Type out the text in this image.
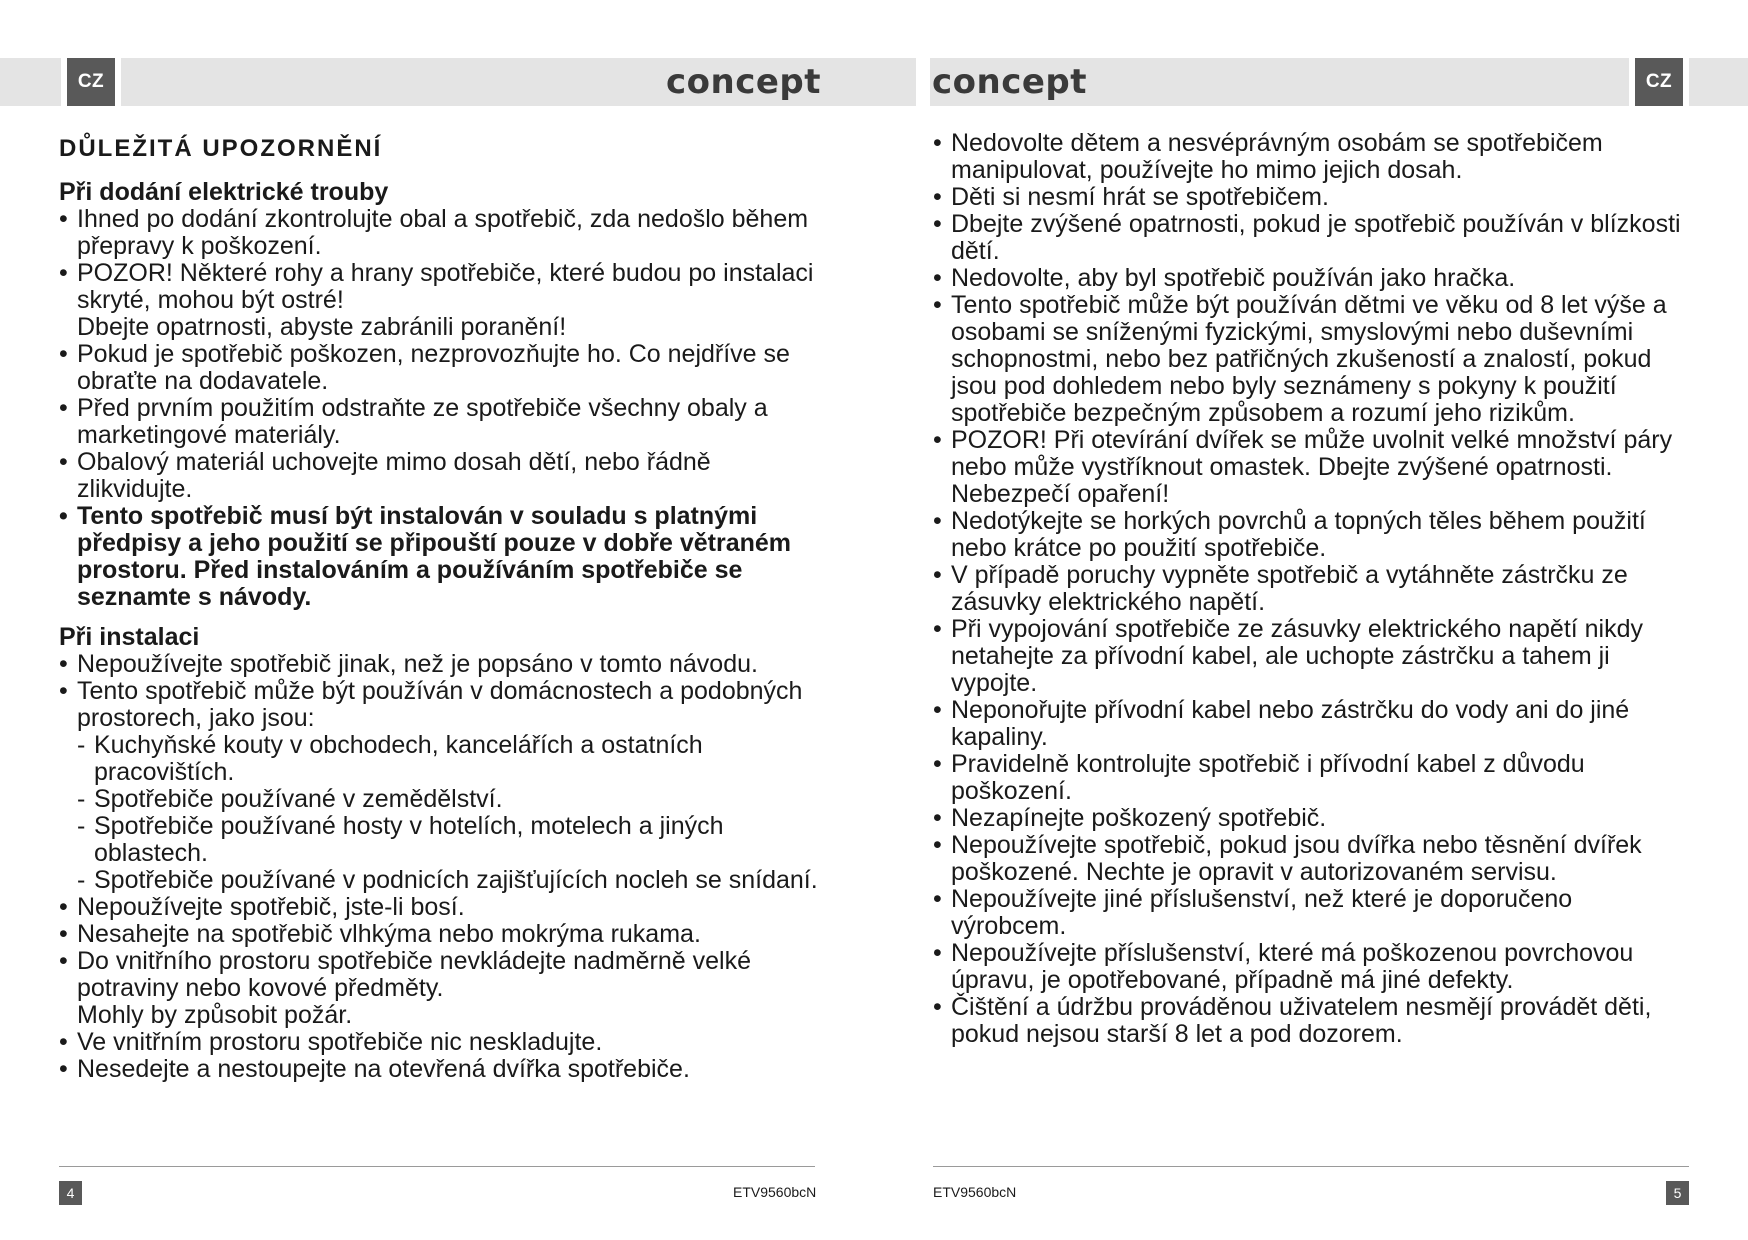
CZ	CZ
concept	concept
DŮLEŽITÁ UPOZORNĚNÍ
Při dodání elektrické trouby
• Ihned po dodání zkontrolujte obal a spotřebič, zda nedošlo během přepravy k poškození.
• POZOR! Některé rohy a hrany spotřebiče, které budou po instalaci skryté, mohou být ostré!
Dbejte opatrnosti, abyste zabránili poranění!
• Pokud je spotřebič poškozen, nezprovozňujte ho. Co nejdříve se obraťte na dodavatele.
• Před prvním použitím odstraňte ze spotřebiče všechny obaly a marketingové materiály.
• Obalový materiál uchovejte mimo dosah dětí, nebo řádně zlikvidujte.
• Tento spotřebič musí být instalován v souladu s platnými předpisy a jeho použití se připouští pouze v dobře větraném prostoru. Před instalováním a používáním spotřebiče se seznamte s návody.
Při instalaci
• Nepoužívejte spotřebič jinak, než je popsáno v tomto návodu.
• Tento spotřebič může být používán v domácnostech a podobných prostorech, jako jsou:
- Kuchyňské kouty v obchodech, kancelářích a ostatních pracovištích.
- Spotřebiče používané v zemědělství.
- Spotřebiče používané hosty v hotelích, motelech a jiných oblastech.
- Spotřebiče používané v podnicích zajišťujících nocleh se snídaní.
• Nepoužívejte spotřebič, jste-li bosí.
• Nesahejte na spotřebič vlhkýma nebo mokrýma rukama.
• Do vnitřního prostoru spotřebiče nevkládejte nadměrně velké potraviny nebo kovové předměty.
Mohly by způsobit požár.
• Ve vnitřním prostoru spotřebiče nic neskladujte.
• Nesedejte a nestoupejte na otevřená dvířka spotřebiče.
• Nedovolte dětem a nesvéprávným osobám se spotřebičem manipulovat, používejte ho mimo jejich dosah.
• Děti si nesmí hrát se spotřebičem.
• Dbejte zvýšené opatrnosti, pokud je spotřebič používán v blízkosti dětí.
• Nedovolte, aby byl spotřebič používán jako hračka.
• Tento spotřebič může být používán dětmi ve věku od 8 let výše a osobami se sníženými fyzickými, smyslovými nebo duševními schopnostmi, nebo bez patřičných zkušeností a znalostí, pokud jsou pod dohledem nebo byly seznámeny s pokyny k použití spotřebiče bezpečným způsobem a rozumí jeho rizikům.
• POZOR! Při otevírání dvířek se může uvolnit velké množství páry nebo může vystříknout omastek. Dbejte zvýšené opatrnosti. Nebezpečí opaření!
• Nedotýkejte se horkých povrchů a topných těles během použití nebo krátce po použití spotřebiče.
• V případě poruchy vypněte spotřebič a vytáhněte zástrčku ze zásuvky elektrického napětí.
• Při vypojování spotřebiče ze zásuvky elektrického napětí nikdy netahejte za přívodní kabel, ale uchopte zástrčku a tahem ji vypojte.
• Neponořujte přívodní kabel nebo zástrčku do vody ani do jiné kapaliny.
• Pravidelně kontrolujte spotřebič i přívodní kabel z důvodu poškození.
• Nezapínejte poškozený spotřebič.
• Nepoužívejte spotřebič, pokud jsou dvířka nebo těsnění dvířek poškozené. Nechte je opravit v autorizovaném servisu.
• Nepoužívejte jiné příslušenství, než které je doporučeno výrobcem.
• Nepoužívejte příslušenství, které má poškozenou povrchovou úpravu, je opotřebované, případně má jiné defekty.
• Čištění a údržbu prováděnou uživatelem nesmějí provádět děti, pokud nejsou starší 8 let a pod dozorem.
4	5
ETV9560bcN	ETV9560bcN
